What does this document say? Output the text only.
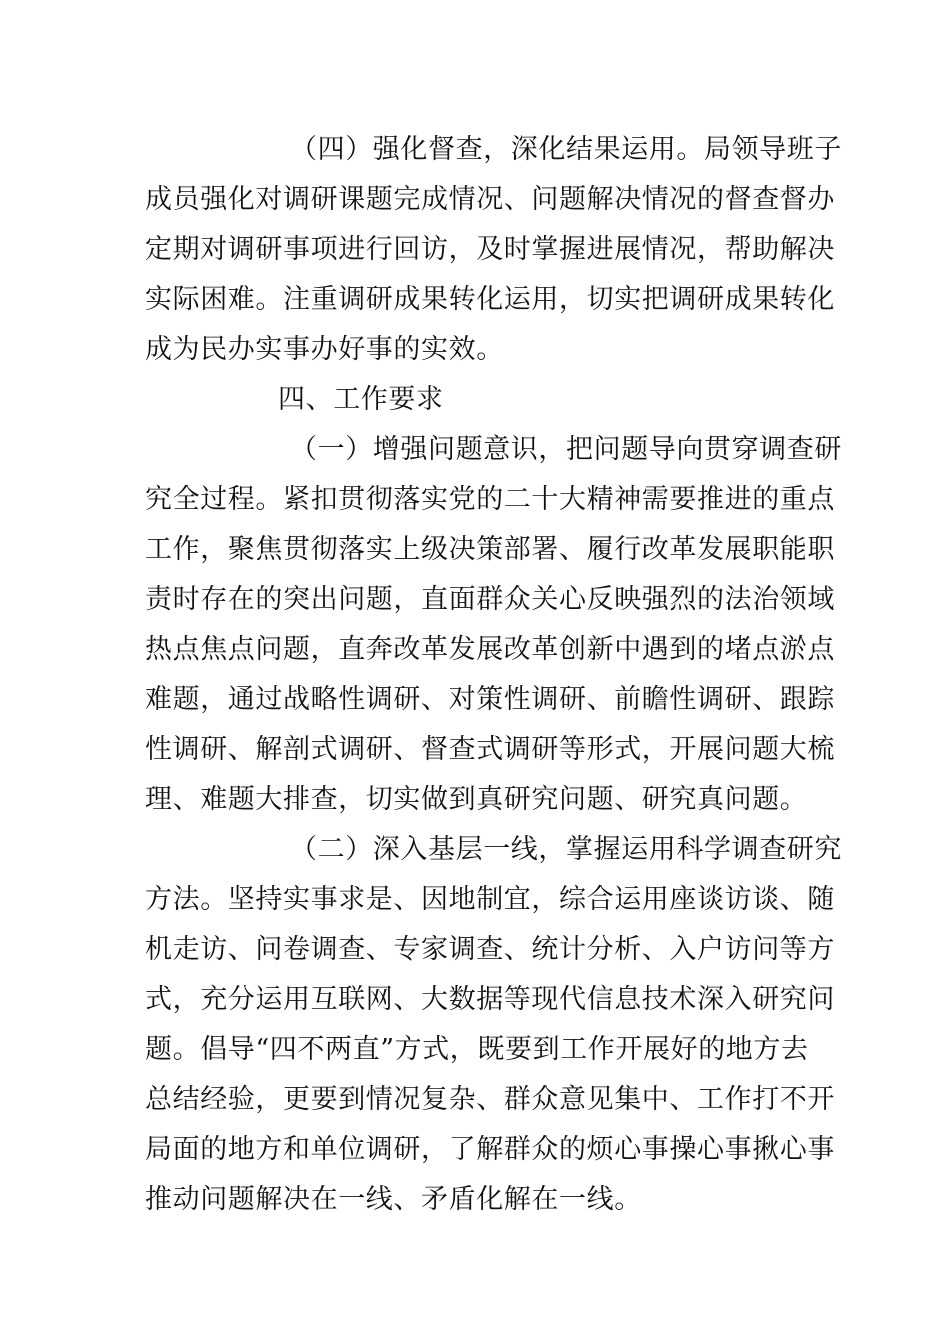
（四）强化督查，深化结果运用。局领导班子
成员强化对调研课题完成情况、问题解决情况的督查督办
定期对调研事项进行回访，及时掌握进展情况，帮助解决
实际困难。注重调研成果转化运用，切实把调研成果转化
成为民办实事办好事的实效。
四、工作要求
（一）增强问题意识，把问题导向贯穿调查研
究全过程。紧扣贯彻落实党的二十大精神需要推进的重点
工作，聚焦贯彻落实上级决策部署、履行改革发展职能职
责时存在的突出问题，直面群众关心反映强烈的法治领域
热点焦点问题，直奔改革发展改革创新中遇到的堵点淤点
难题，通过战略性调研、对策性调研、前瞻性调研、跟踪
性调研、解剖式调研、督查式调研等形式，开展问题大梳
理、难题大排查，切实做到真研究问题、研究真问题。
（二）深入基层一线，掌握运用科学调查研究
方法。坚持实事求是、因地制宜，综合运用座谈访谈、随
机走访、问卷调查、专家调查、统计分析、入户访问等方
式，充分运用互联网、大数据等现代信息技术深入研究问
题。倡导“四不两直”方式，既要到工作开展好的地方去
总结经验，更要到情况复杂、群众意见集中、工作打不开
局面的地方和单位调研，了解群众的烦心事操心事揪心事
推动问题解决在一线、矛盾化解在一线。
